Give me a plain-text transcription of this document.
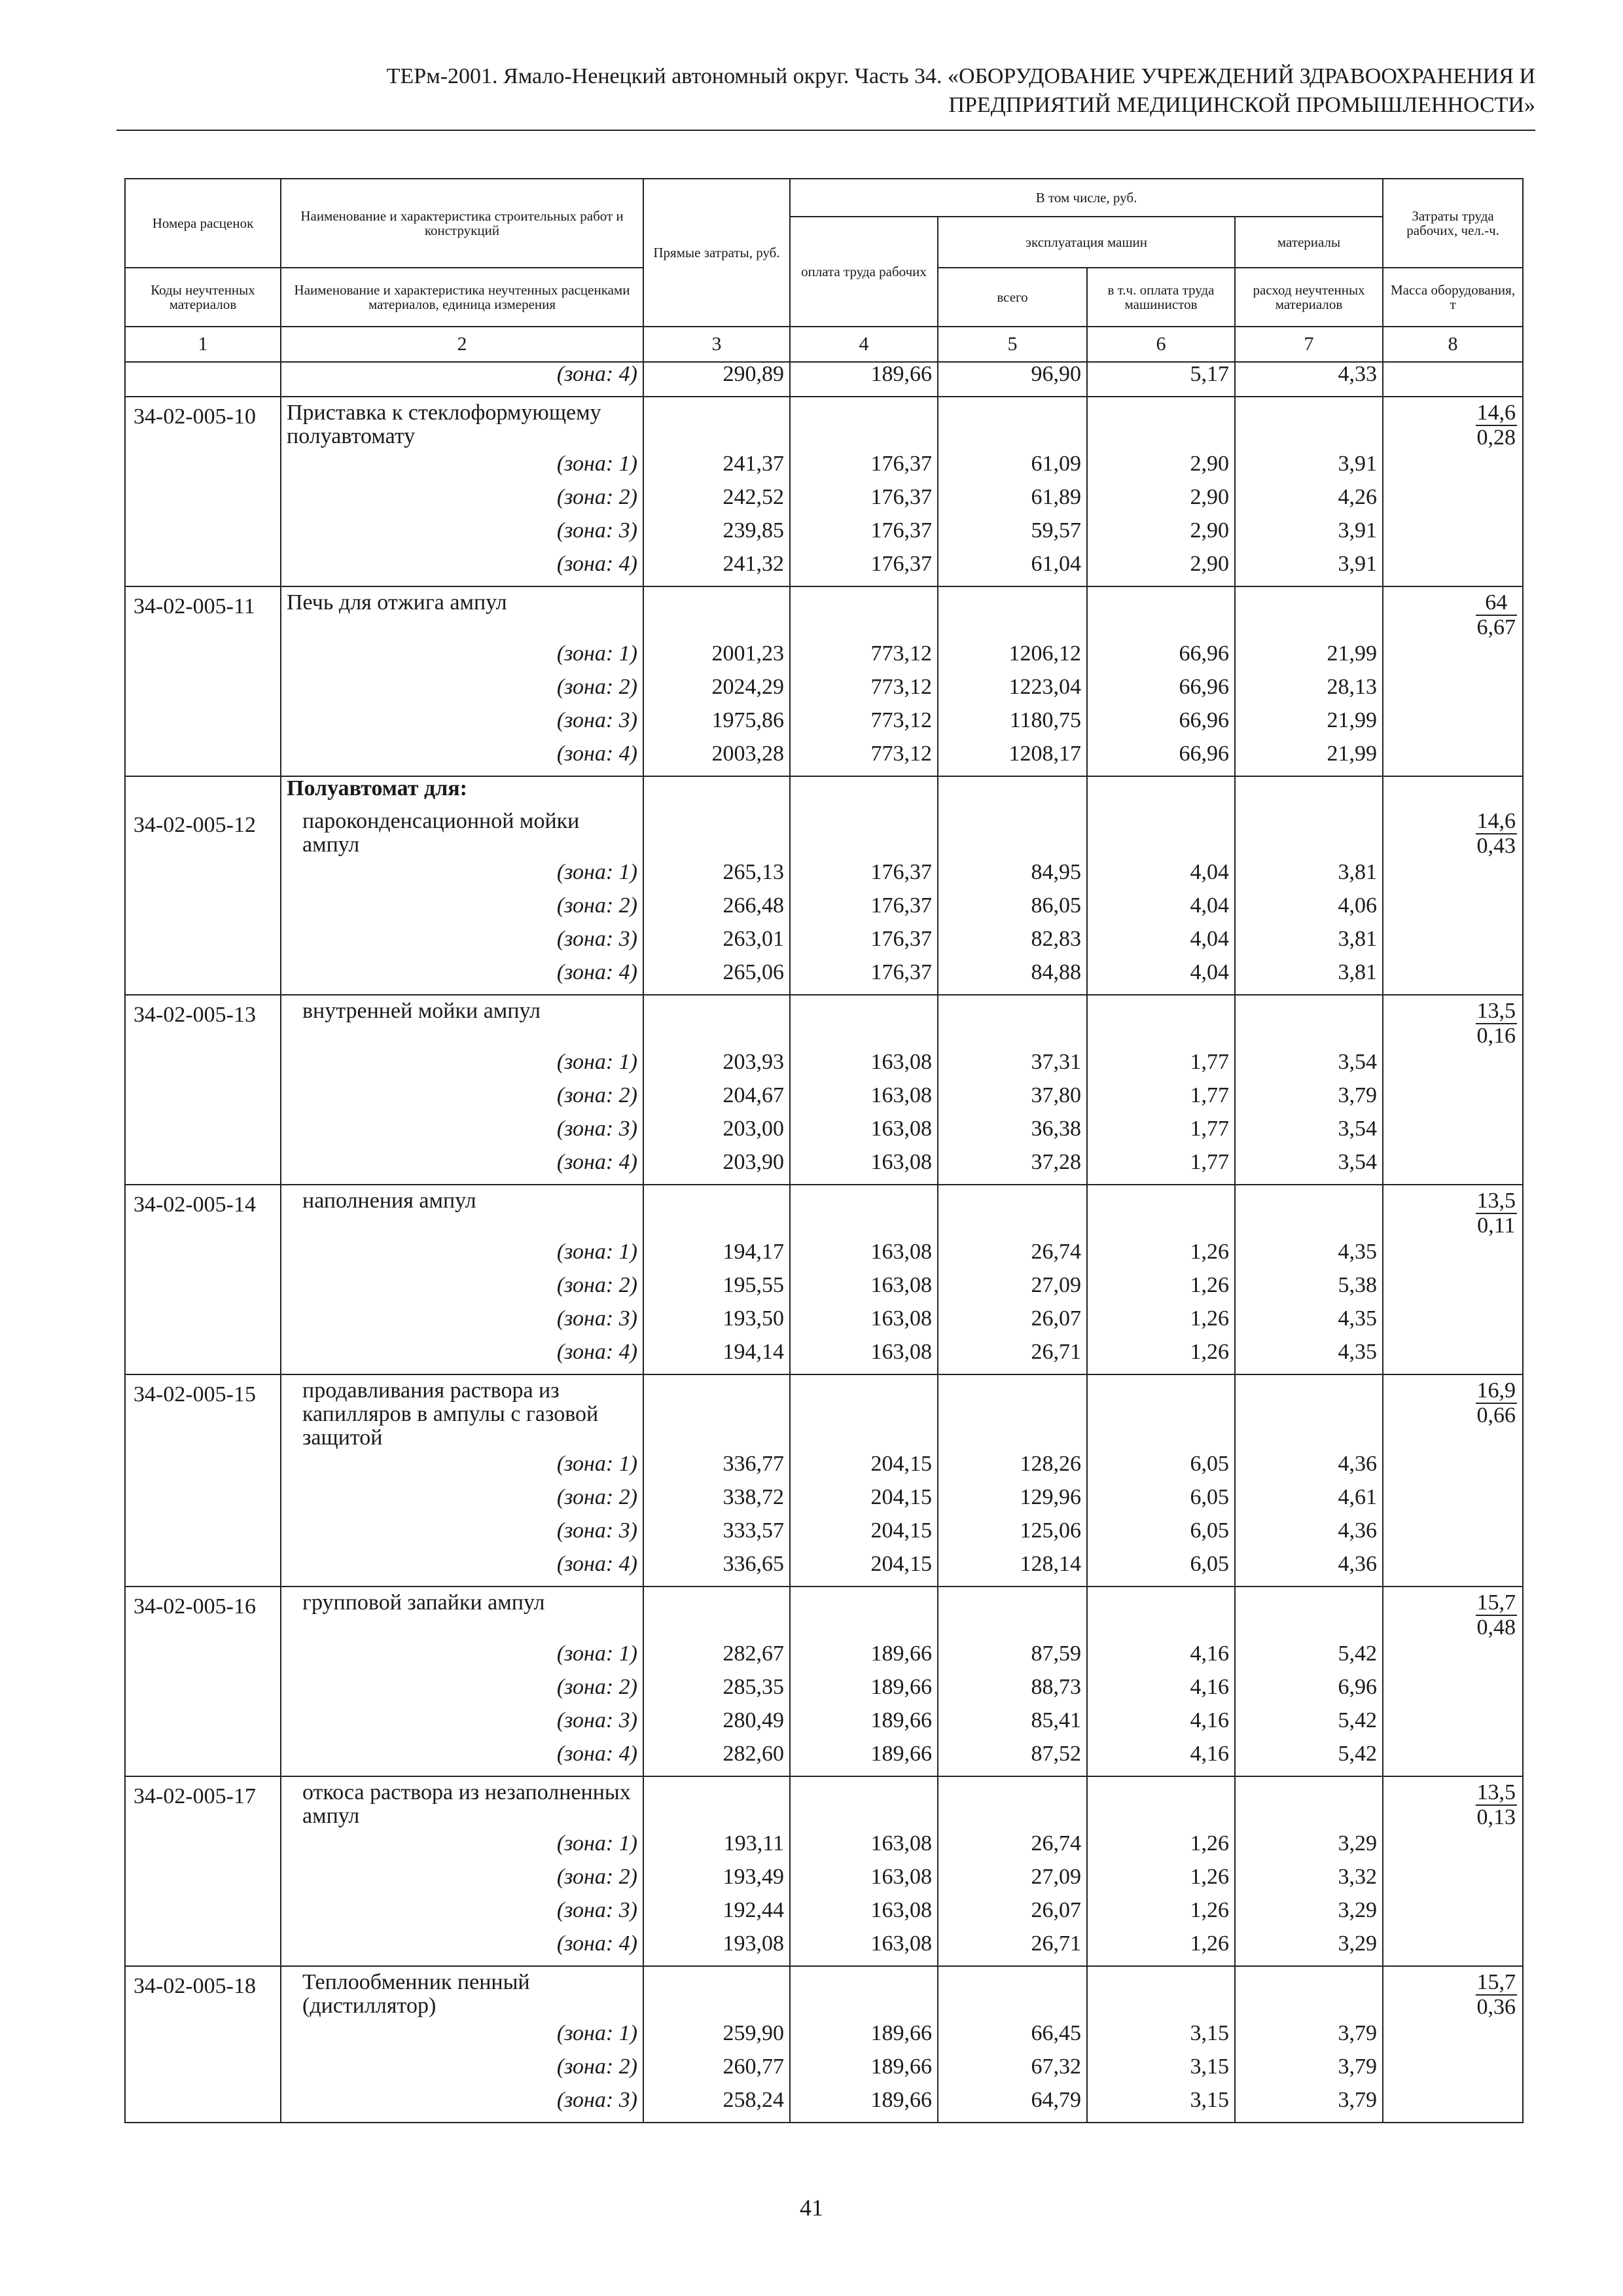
ТЕРм-2001. Ямало-Ненецкий автономный округ. Часть 34. «ОБОРУДОВАНИЕ УЧРЕЖДЕНИЙ ЗДРАВООХРАНЕНИЯ И
ПРЕДПРИЯТИЙ МЕДИЦИНСКОЙ ПРОМЫШЛЕННОСТИ»
Номера расценок	Наименование и характеристика строительных работ и конструкций	Прямые затраты, руб.	В том числе, руб.				Затраты труда рабочих, чел.-ч.
			оплата труда рабочих	эксплуатация машин		материалы	
Коды неучтенных материалов	Наименование и характеристика неучтенных расценками материалов, единица измерения			всего	в т.ч. оплата труда машинистов	расход неучтенных материалов	Масса оборудования, т
1	2	3	4	5	6	7	8
	(зона: 4)	290,89	189,66	96,90	5,17	4,33	
34-02-005-10	Приставка к стеклоформующему полуавтомату						$\frac{14,6}{0,28}$

	(зона: 1)	241,37	176,37	61,09	2,90	3,91	
	(зона: 2)	242,52	176,37	61,89	2,90	4,26	
	(зона: 3)	239,85	176,37	59,57	2,90	3,91	
	(зона: 4)	241,32	176,37	61,04	2,90	3,91	
34-02-005-11	Печь для отжига ампул						$\frac{64}{6,67}$

	(зона: 1)	2001,23	773,12	1206,12	66,96	21,99	
	(зона: 2)	2024,29	773,12	1223,04	66,96	28,13	
	(зона: 3)	1975,86	773,12	1180,75	66,96	21,99	
	(зона: 4)	2003,28	773,12	1208,17	66,96	21,99	
	Полуавтомат для:						
34-02-005-12	пароконденсационной мойки ампул						$\frac{14,6}{0,43}$

	(зона: 1)	265,13	176,37	84,95	4,04	3,81	
	(зона: 2)	266,48	176,37	86,05	4,04	4,06	
	(зона: 3)	263,01	176,37	82,83	4,04	3,81	
	(зона: 4)	265,06	176,37	84,88	4,04	3,81	
34-02-005-13	внутренней мойки ампул						$\frac{13,5}{0,16}$

	(зона: 1)	203,93	163,08	37,31	1,77	3,54	
	(зона: 2)	204,67	163,08	37,80	1,77	3,79	
	(зона: 3)	203,00	163,08	36,38	1,77	3,54	
	(зона: 4)	203,90	163,08	37,28	1,77	3,54	
34-02-005-14	наполнения ампул						$\frac{13,5}{0,11}$

	(зона: 1)	194,17	163,08	26,74	1,26	4,35	
	(зона: 2)	195,55	163,08	27,09	1,26	5,38	
	(зона: 3)	193,50	163,08	26,07	1,26	4,35	
	(зона: 4)	194,14	163,08	26,71	1,26	4,35	
34-02-005-15	продавливания раствора из капилляров в ампулы с газовой защитой						$\frac{16,9}{0,66}$

	(зона: 1)	336,77	204,15	128,26	6,05	4,36	
	(зона: 2)	338,72	204,15	129,96	6,05	4,61	
	(зона: 3)	333,57	204,15	125,06	6,05	4,36	
	(зона: 4)	336,65	204,15	128,14	6,05	4,36	
34-02-005-16	групповой запайки ампул						$\frac{15,7}{0,48}$

	(зона: 1)	282,67	189,66	87,59	4,16	5,42	
	(зона: 2)	285,35	189,66	88,73	4,16	6,96	
	(зона: 3)	280,49	189,66	85,41	4,16	5,42	
	(зона: 4)	282,60	189,66	87,52	4,16	5,42	
34-02-005-17	откоса раствора из незаполненных ампул						$\frac{13,5}{0,13}$

	(зона: 1)	193,11	163,08	26,74	1,26	3,29	
	(зона: 2)	193,49	163,08	27,09	1,26	3,32	
	(зона: 3)	192,44	163,08	26,07	1,26	3,29	
	(зона: 4)	193,08	163,08	26,71	1,26	3,29	
34-02-005-18	Теплообменник пенный (дистиллятор)						$\frac{15,7}{0,36}$

	(зона: 1)	259,90	189,66	66,45	3,15	3,79	
	(зона: 2)	260,77	189,66	67,32	3,15	3,79	
	(зона: 3)	258,24	189,66	64,79	3,15	3,79	
41
